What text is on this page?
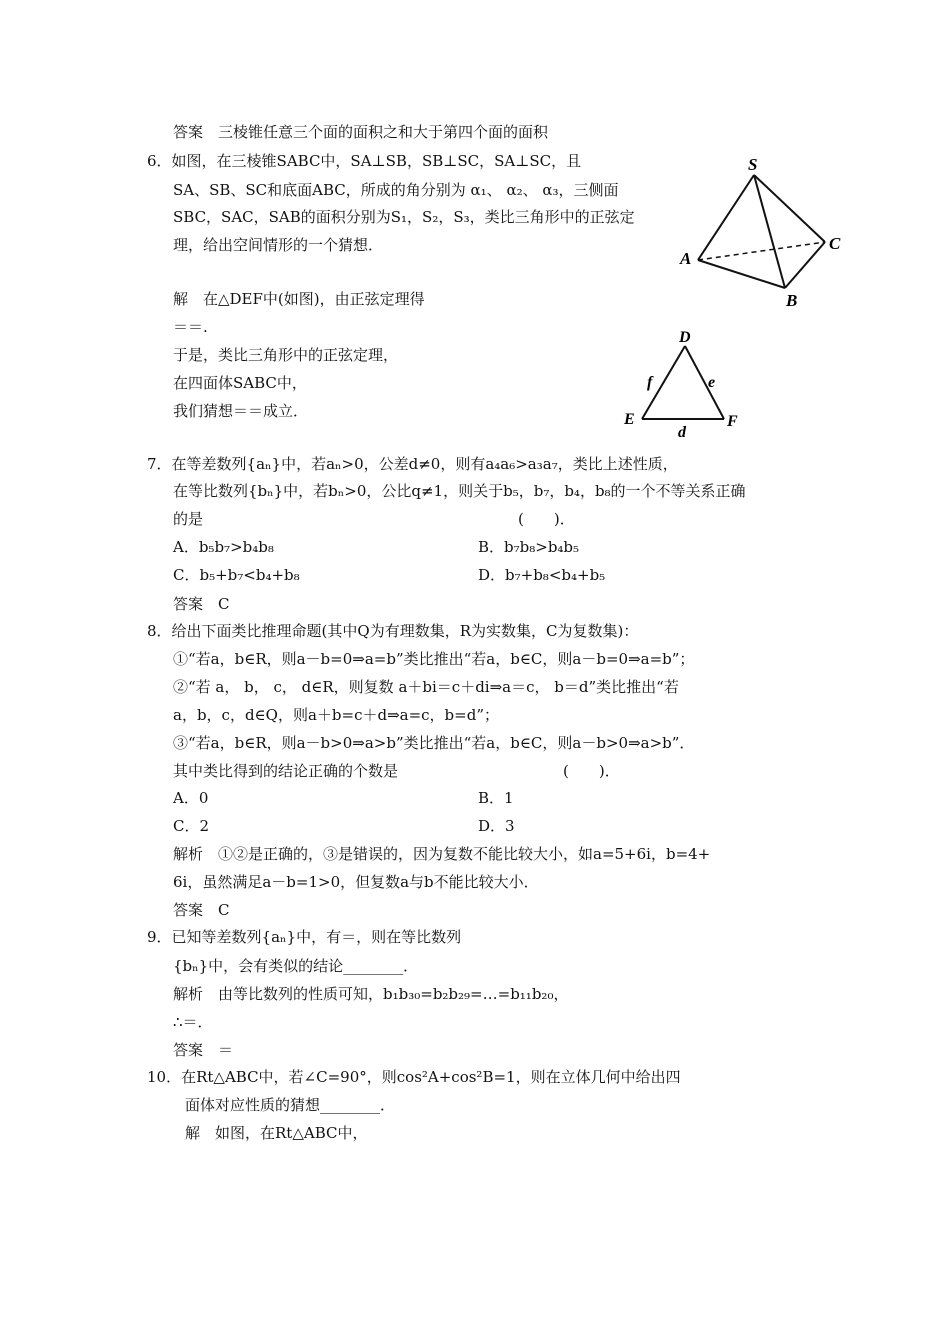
答案　三棱锥任意三个面的面积之和大于第四个面的面积
6．如图，在三棱锥SABC中，SA⊥SB，SB⊥SC，SA⊥SC，且
SA、SB、SC和底面ABC，所成的角分别为 α₁、 α₂、 α₃，三侧面
SBC，SAC，SAB的面积分别为S₁，S₂，S₃，类比三角形中的正弦定
理，给出空间情形的一个猜想．
解　在△DEF中(如图)，由正弦定理得
＝＝.
于是，类比三角形中的正弦定理，
在四面体SABC中，
我们猜想＝＝成立．
7．在等差数列{aₙ}中，若aₙ>0，公差d≠0，则有a₄a₆>a₃a₇，类比上述性质，
在等比数列{bₙ}中，若bₙ>0，公比q≠1，则关于b₅，b₇，b₄，b₈的一个不等关系正确
的是　　　　　　　　　　　　　　　　　　　　　(　　)．
答案　C
8．给出下面类比推理命题(其中Q为有理数集，R为实数集，C为复数集)：
①“若a，b∈R，则a－b=0⇒a=b”类比推出“若a，b∈C，则a－b=0⇒a=b”；
②“若 a， b， c， d∈R，则复数 a＋bi＝c＋di⇒a＝c， b＝d”类比推出“若
a，b，c，d∈Q，则a＋b=c＋d⇒a=c，b=d”；
③“若a，b∈R，则a－b>0⇒a>b”类比推出“若a，b∈C，则a－b>0⇒a>b”．
其中类比得到的结论正确的个数是　　　　　　　　　　　(　　)．
解析　①②是正确的，③是错误的，因为复数不能比较大小，如a=5+6i，b=4+
6i，虽然满足a－b=1>0，但复数a与b不能比较大小．
答案　C
9．已知等差数列{aₙ}中，有＝，则在等比数列
{bₙ}中，会有类似的结论________．
解析　由等比数列的性质可知，b₁b₃₀=b₂b₂₉=…=b₁₁b₂₀，
∴＝．
答案　＝
10．在Rt△ABC中，若∠C=90°，则cos²A+cos²B=1，则在立体几何中给出四
面体对应性质的猜想________．
解　如图，在Rt△ABC中，
A．b₅b₇>b₄b₈	B．b₇b₈>b₄b₅
C．b₅+b₇<b₄+b₈	D．b₇+b₈<b₄+b₅
A．0	B．1
C．2	D．3
S
A
B
C
D
E	F
f	e
d
